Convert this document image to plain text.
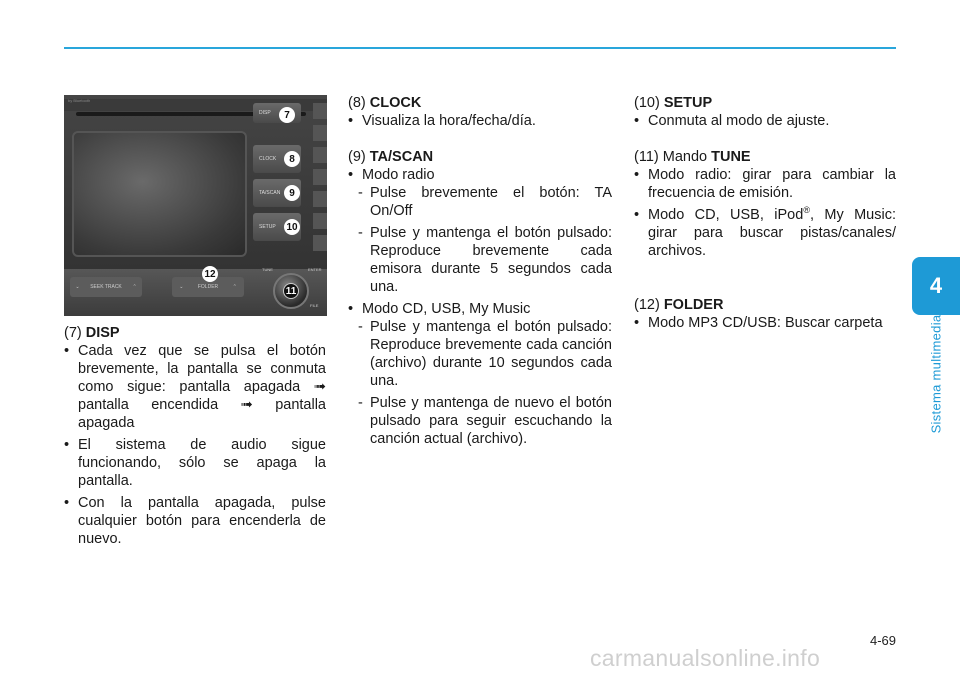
4
Sistema multimedia
by Bluetooth
DISP	7
CLOCK	8
TA/SCAN 9
SETUP 10
⌄ SEEK TRACK ⌃	⌄	FOLDER	⌃
12	TUNE	ENTER
11
FILE

(7) DISP

• Cada vez que se pulsa el botón brevemente, la pantalla se conmuta como sigue: pantalla apagada ➟ pantalla encendida ➟ pantalla apagada

• El sistema de audio sigue funcionando, sólo se apaga la pantalla.

• Con la pantalla apagada, pulse cualquier botón para encenderla de nuevo.

(8) CLOCK

• Visualiza la hora/fecha/día.

(9) TA/SCAN

• Modo radio

- Pulse brevemente el botón: TA On/Off

- Pulse y mantenga el botón pulsado: Reproduce brevemente cada emisora durante 5 segundos cada una.

• Modo CD, USB, My Music

- Pulse y mantenga el botón pulsado: Reproduce brevemente cada canción (archivo) durante 10 segundos cada una.

- Pulse y mantenga de nuevo el botón pulsado para seguir escuchando la canción actual (archivo).

(10) SETUP

• Conmuta al modo de ajuste.

(11) Mando TUNE

• Modo radio: girar para cambiar la frecuencia de emisión.

• Modo CD, USB, iPod®, My Music: girar para buscar pistas/canales/ archivos.

(12) FOLDER

• Modo MP3 CD/USB: Buscar carpeta

4-69
carmanualsonline.info
